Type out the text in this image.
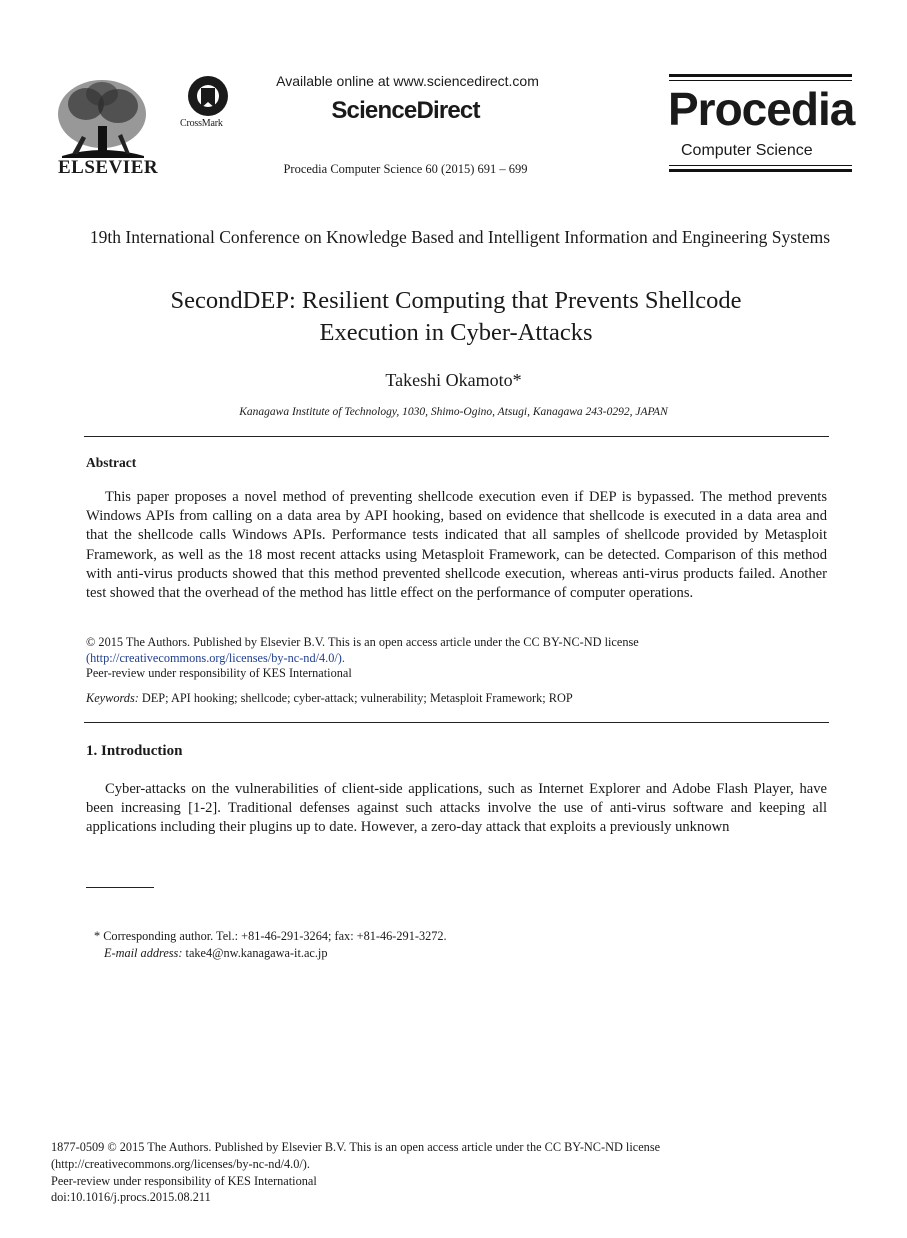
ELSEVIER
CrossMark
Available online at www.sciencedirect.com
ScienceDirect
Procedia Computer Science 60 (2015) 691 – 699
Procedia
Computer Science
19th International Conference on Knowledge Based and Intelligent Information and Engineering Systems
SecondDEP: Resilient Computing that Prevents Shellcode
Execution in Cyber-Attacks
Takeshi Okamoto*
Kanagawa Institute of Technology, 1030, Shimo-Ogino, Atsugi, Kanagawa 243-0292, JAPAN
Abstract

This paper proposes a novel method of preventing shellcode execution even if DEP is bypassed. The method prevents Windows APIs from calling on a data area by API hooking, based on evidence that shellcode is executed in a data area and that the shellcode calls Windows APIs. Performance tests indicated that all samples of shellcode provided by Metasploit Framework, as well as the 18 most recent attacks using Metasploit Framework, can be detected. Comparison of this method with anti-virus products showed that this method prevented shellcode execution, whereas anti-virus products failed. Another test showed that the overhead of the method has little effect on the performance of computer operations.

© 2015 The Authors. Published by Elsevier B.V. This is an open access article under the CC BY-NC-ND license
(http://creativecommons.org/licenses/by-nc-nd/4.0/).
Peer-review under responsibility of KES International
Keywords: DEP; API hooking; shellcode; cyber-attack; vulnerability; Metasploit Framework; ROP
1. Introduction

Cyber-attacks on the vulnerabilities of client-side applications, such as Internet Explorer and Adobe Flash Player, have been increasing [1-2]. Traditional defenses against such attacks involve the use of anti-virus software and keeping all applications including their plugins up to date. However, a zero-day attack that exploits a previously unknown

* Corresponding author. Tel.: +81-46-291-3264; fax: +81-46-291-3272.
E-mail address: take4@nw.kanagawa-it.ac.jp
1877-0509 © 2015 The Authors. Published by Elsevier B.V. This is an open access article under the CC BY-NC-ND license
(http://creativecommons.org/licenses/by-nc-nd/4.0/).
Peer-review under responsibility of KES International
doi:10.1016/j.procs.2015.08.211
